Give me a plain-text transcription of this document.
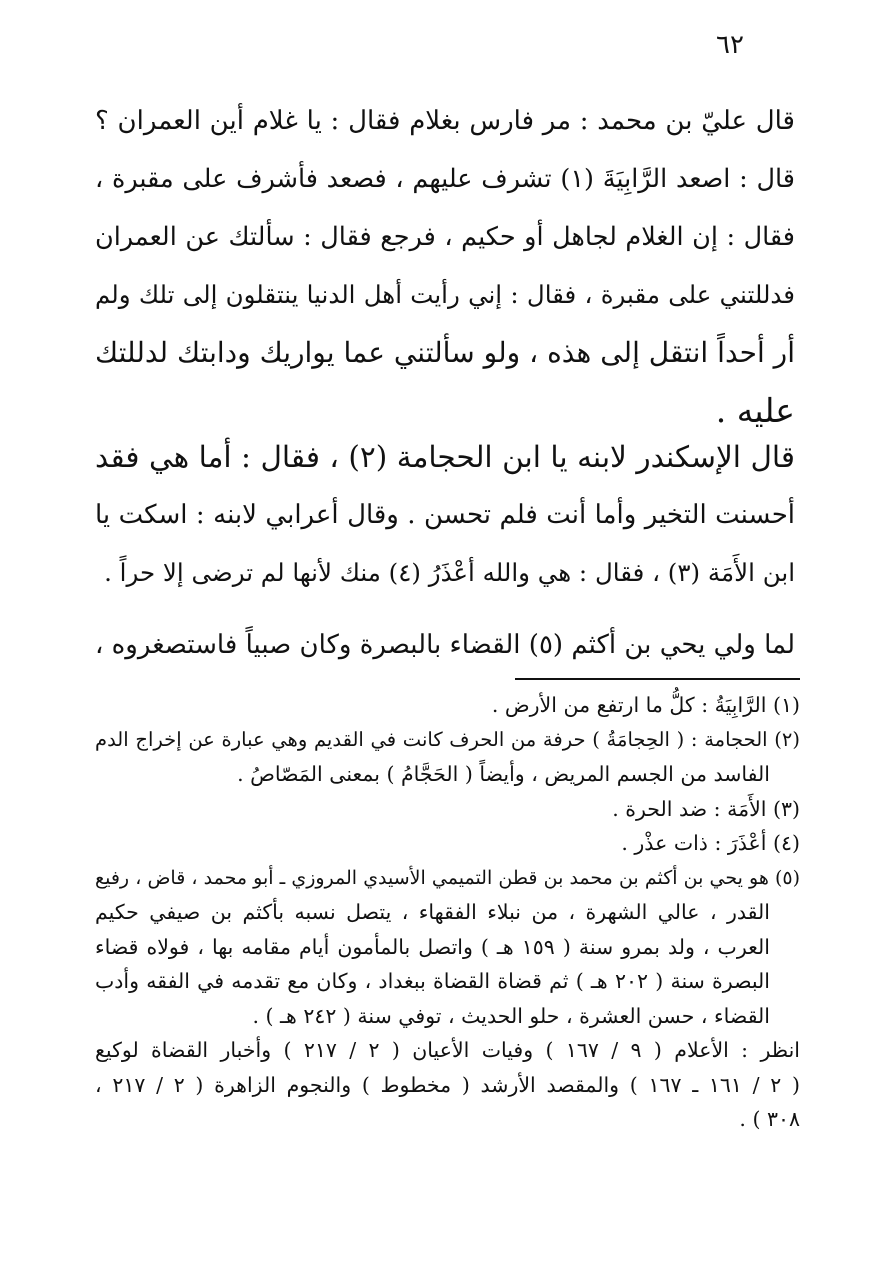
٦٢
قال عليّ بن محمد : مر فارس بغلام فقال : يا غلام أين العمران ؟
قال : اصعد الرَّابِيَةَ (١) تشرف عليهم ، فصعد فأشرف على مقبرة ،
فقال : إن الغلام لجاهل أو حكيم ، فرجع فقال : سألتك عن العمران
فدللتني على مقبرة ، فقال : إني رأيت أهل الدنيا ينتقلون إلى تلك ولم
أر أحداً انتقل إلى هذه ، ولو سألتني عما يواريك ودابتك لدللتك
عليه .
قال الإسكندر لابنه يا ابن الحجامة (٢) ، فقال : أما هي فقد
أحسنت التخير وأما أنت فلم تحسن . وقال أعرابي لابنه : اسكت يا
ابن الأَمَة (٣) ، فقال : هي والله أعْذَرُ (٤) منك لأنها لم ترضى إلا حراً .
لما ولي يحي بن أكثم (٥) القضاء بالبصرة وكان صبياً فاستصغروه ،
(١) الرَّابِيَةُ : كلُّ ما ارتفع من الأرض .
(٢) الحجامة : ( الحِجامَةُ ) حرفة من الحرف كانت في القديم وهي عبارة عن إخراج الدم
الفاسد من الجسم المريض ، وأيضاً ( الحَجَّامُ ) بمعنى المَصّاصُ .
(٣) الأَمَة : ضد الحرة .
(٤) أعْذَرَ : ذات عذْر .
(٥) هو يحي بن أكثم بن محمد بن قطن التميمي الأسيدي المروزي ـ أبو محمد ، قاض ، رفيع
القدر ، عالي الشهرة ، من نبلاء الفقهاء ، يتصل نسبه بأكثم بن صيفي حكيم
العرب ، ولد بمرو سنة ( ١٥٩ هـ ) واتصل بالمأمون أيام مقامه بها ، فولاه قضاء
البصرة سنة ( ٢٠٢ هـ ) ثم قضاة القضاة ببغداد ، وكان مع تقدمه في الفقه وأدب
القضاء ، حسن العشرة ، حلو الحديث ، توفي سنة ( ٢٤٢ هـ ) .
انظر : الأعلام ( ٩ / ١٦٧ ) وفيات الأعيان ( ٢ / ٢١٧ ) وأخبار القضاة لوكيع
( ٢ / ١٦١ ـ ١٦٧ ) والمقصد الأرشد ( مخطوط ) والنجوم الزاهرة ( ٢ / ٢١٧ ،
٣٠٨ ) .
